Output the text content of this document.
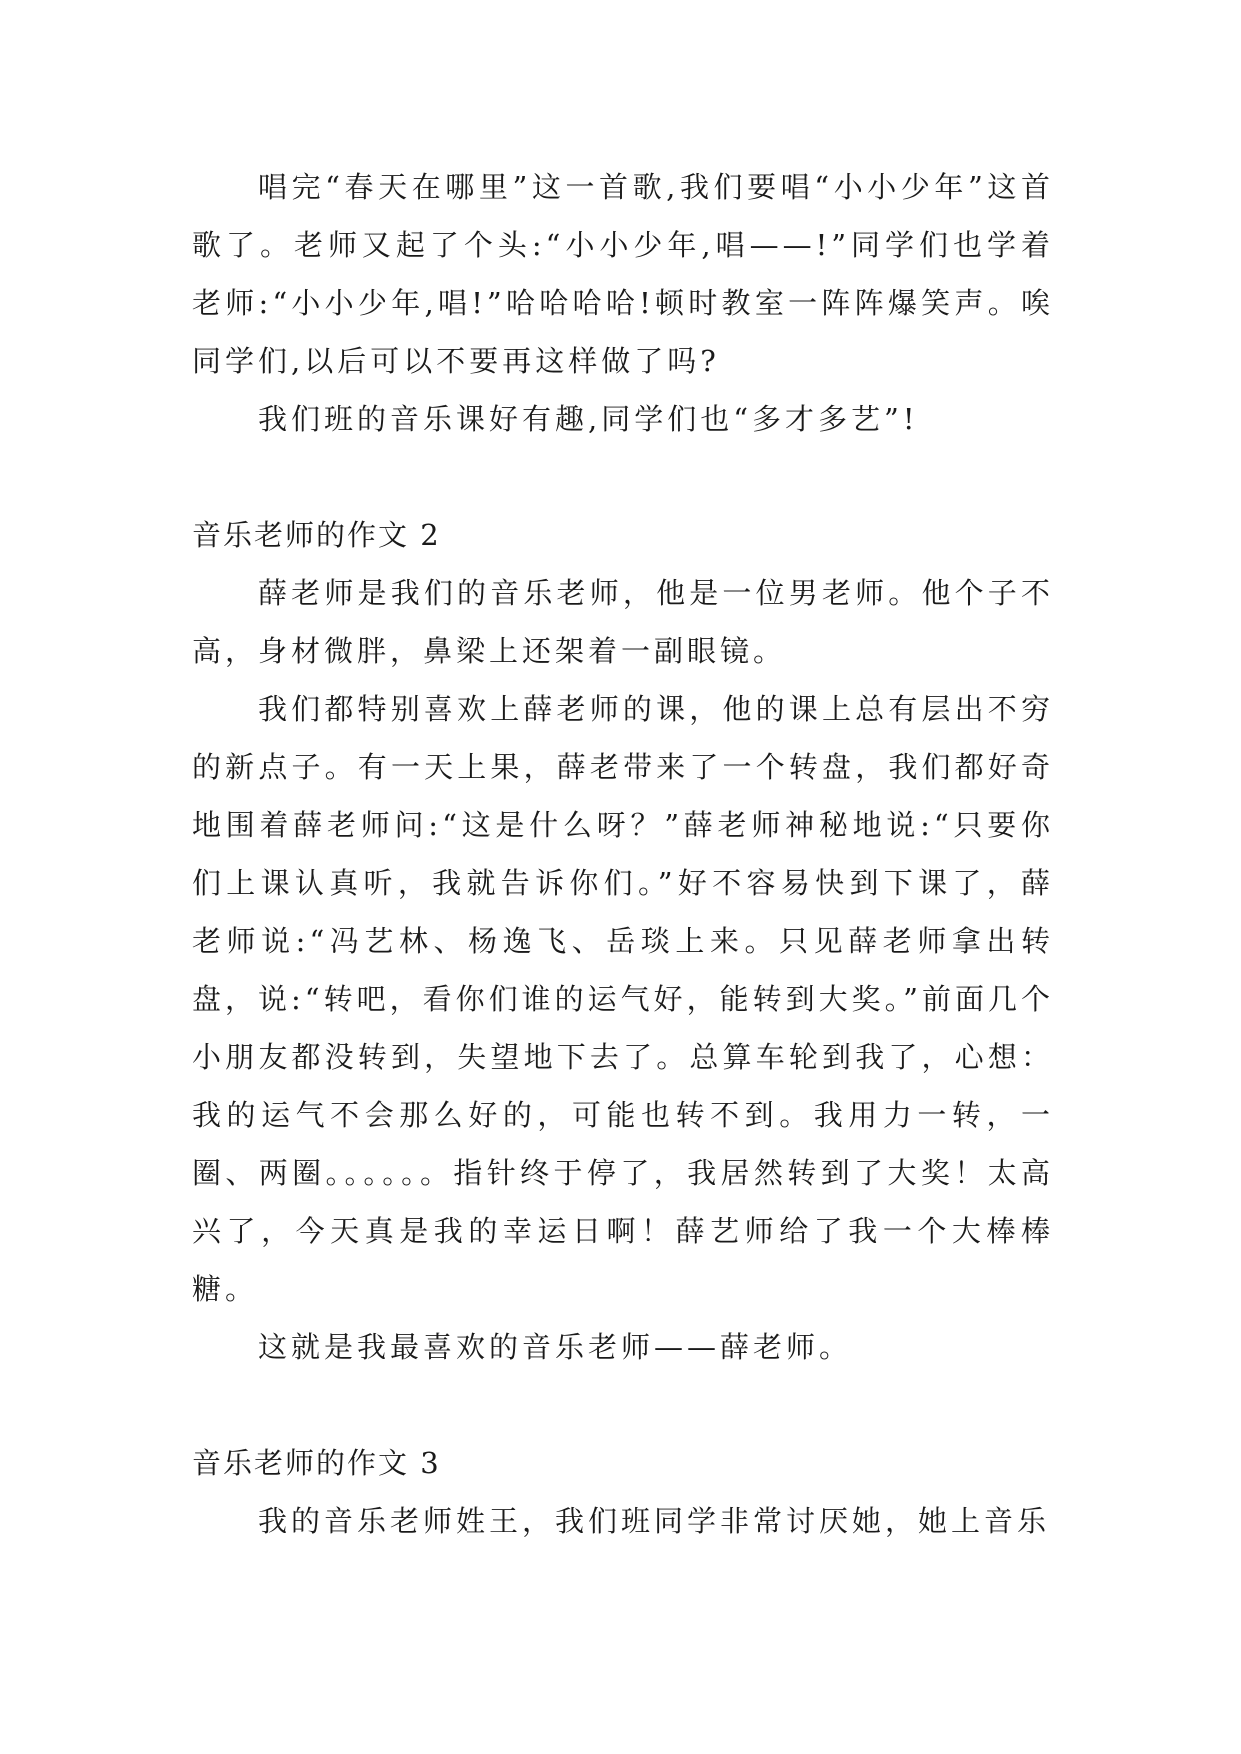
唱完“春天在哪里”这一首歌,我们要唱“小小少年”这首歌了。老师又起了个头:“小小少年,唱——!”同学们也学着老师:“小小少年,唱!”哈哈哈哈!顿时教室一阵阵爆笑声。唉同学们,以后可以不要再这样做了吗?

我们班的音乐课好有趣,同学们也“多才多艺”!

音乐老师的作文 2

薛老师是我们的音乐老师，他是一位男老师。他个子不高，身材微胖，鼻梁上还架着一副眼镜。

我们都特别喜欢上薛老师的课，他的课上总有层出不穷的新点子。有一天上果，薛老带来了一个转盘，我们都好奇地围着薛老师问:“这是什么呀？”薛老师神秘地说:“只要你们上课认真听，我就告诉你们。”好不容易快到下课了，薛老师说:“冯艺林、杨逸飞、岳琰上来。只见薛老师拿出转盘，说:“转吧，看你们谁的运气好，能转到大奖。”前面几个小朋友都没转到，失望地下去了。总算车轮到我了，心想：我的运气不会那么好的，可能也转不到。我用力一转，一圈、两圈。。。。。。指针终于停了，我居然转到了大奖！太高兴了，今天真是我的幸运日啊！薛艺师给了我一个大棒棒糖。

这就是我最喜欢的音乐老师——薛老师。

音乐老师的作文 3

我的音乐老师姓王，我们班同学非常讨厌她，她上音乐
